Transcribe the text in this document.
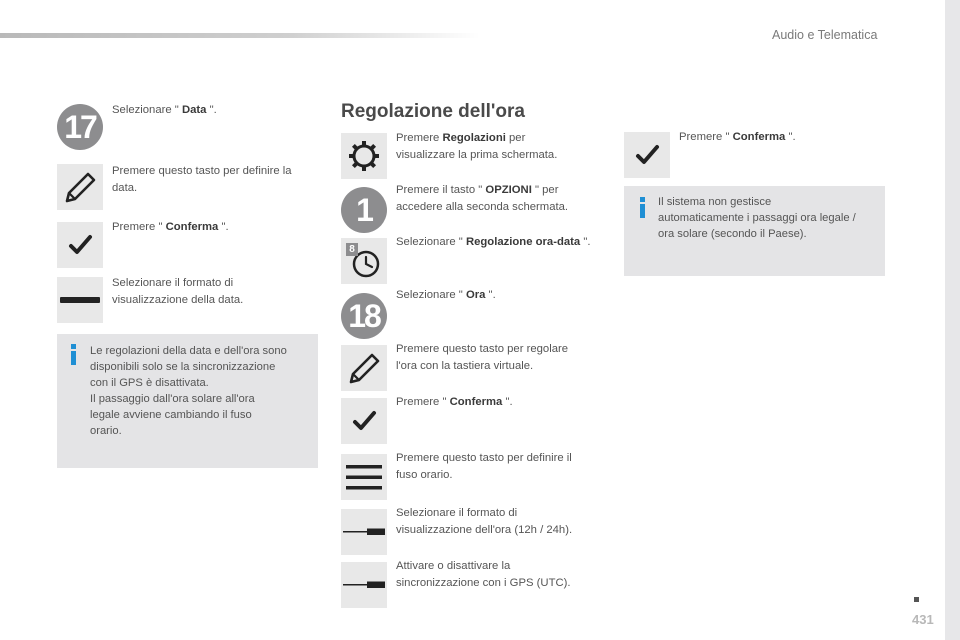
Audio e Telematica
17	Selezionare " Data ".
Premere questo tasto per definire la data.
Premere " Conferma ".
Selezionare il formato di visualizzazione della data.
Le regolazioni della data e dell'ora sono
disponibili solo se la sincronizzazione
con il GPS è disattivata.
Il passaggio dall'ora solare all'ora
legale avviene cambiando il fuso
orario.
Regolazione dell'ora
Premere Regolazioni per
visualizzare la prima schermata.
1
Premere il tasto " OPZIONI " per
accedere alla seconda schermata.
8
Selezionare " Regolazione ora-data ".
18
Selezionare " Ora ".
Premere questo tasto per regolare
l'ora con la tastiera virtuale.
Premere " Conferma ".
Premere questo tasto per definire il
fuso orario.
Selezionare il formato di
visualizzazione dell'ora (12h / 24h).
Attivare o disattivare la
sincronizzazione con i GPS (UTC).
Premere " Conferma ".
Il sistema non gestisce
automaticamente i passaggi ora legale /
ora solare (secondo il Paese).
431
